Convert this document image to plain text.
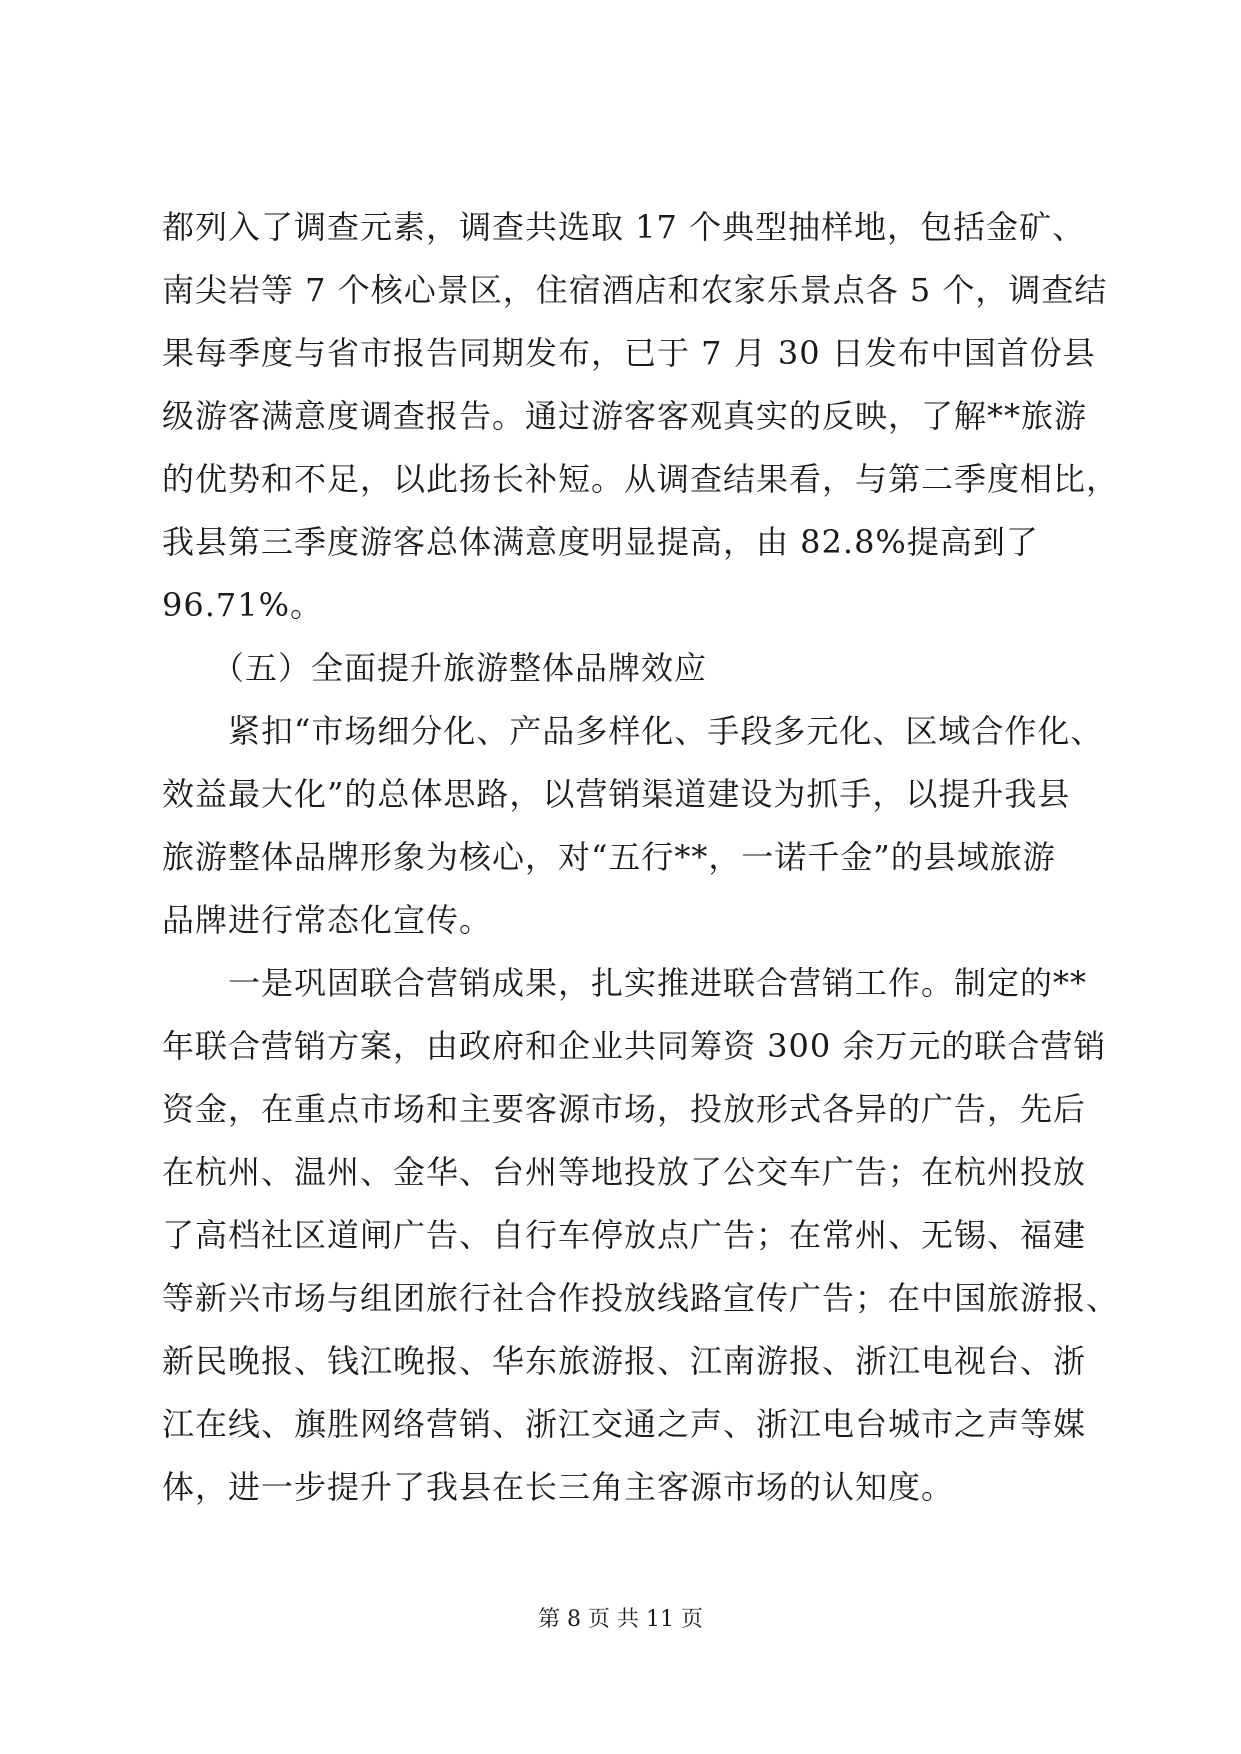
都列入了调查元素，调查共选取 17 个典型抽样地，包括金矿、
南尖岩等 7 个核心景区，住宿酒店和农家乐景点各 5 个，调查结
果每季度与省市报告同期发布，已于 7 月 30 日发布中国首份县
级游客满意度调查报告。通过游客客观真实的反映，了解**旅游
的优势和不足，以此扬长补短。从调查结果看，与第二季度相比，
我县第三季度游客总体满意度明显提高，由 82.8%提高到了
96.71%。
　　（五）全面提升旅游整体品牌效应
　　紧扣“市场细分化、产品多样化、手段多元化、区域合作化、
效益最大化”的总体思路，以营销渠道建设为抓手，以提升我县
旅游整体品牌形象为核心，对“五行**，一诺千金”的县域旅游
品牌进行常态化宣传。
　　一是巩固联合营销成果，扎实推进联合营销工作。制定的**
年联合营销方案，由政府和企业共同筹资 300 余万元的联合营销
资金，在重点市场和主要客源市场，投放形式各异的广告，先后
在杭州、温州、金华、台州等地投放了公交车广告；在杭州投放
了高档社区道闸广告、自行车停放点广告；在常州、无锡、福建
等新兴市场与组团旅行社合作投放线路宣传广告；在中国旅游报、
新民晚报、钱江晚报、华东旅游报、江南游报、浙江电视台、浙
江在线、旗胜网络营销、浙江交通之声、浙江电台城市之声等媒
体，进一步提升了我县在长三角主客源市场的认知度。
第 8 页 共 11 页
